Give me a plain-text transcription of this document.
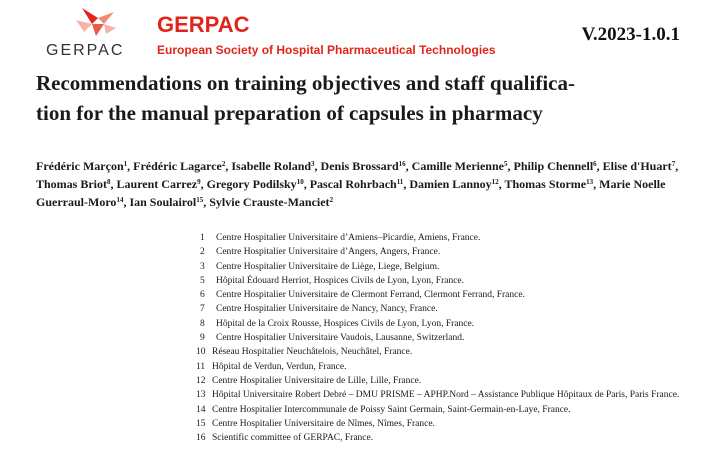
GERPAC
GERPAC
European Society of Hospital Pharmaceutical Technologies
V.2023-1.0.1
Recommendations on training objectives and staff qualifica-
tion for the manual preparation of capsules in pharmacy
Frédéric Marçon$^1$, Frédéric Lagarce$^2$, Isabelle Roland$^3$, Denis Brossard$^{16}$, Camille Merienne$^5$, Philip Chennell$^6$, Elise d'Huart$^7$, Thomas Briot$^8$, Laurent Carrez$^9$, Gregory Podilsky$^{10}$, Pascal Rohrbach$^{11}$, Damien Lannoy$^{12}$, Thomas Storme$^{13}$, Marie Noelle Guerraul-Moro$^{14}$, Ian Soulairol$^{15}$, Sylvie Crauste-Manciet$^2$
1	Centre Hospitalier Universitaire d’Amiens–Picardie, Amiens, France.
2	Centre Hospitalier Universitaire d’Angers, Angers, France.
3	Centre Hospitalier Universitaire de Liège, Liege, Belgium.
5	Hôpital Édouard Herriot, Hospices Civils de Lyon, Lyon, France.
6	Centre Hospitalier Universitaire de Clermont Ferrand, Clermont Ferrand, France.
7	Centre Hospitalier Universitaire de Nancy, Nancy, France.
8	Hôpital de la Croix Rousse, Hospices Civils de Lyon, Lyon, France.
9	Centre Hospitalier Universitaire Vaudois, Lausanne, Switzerland.
10 Réseau Hospitalier Neuchâtelois, Neuchâtel, France.
11 Hôpital de Verdun, Verdun, France.
12 Centre Hospitalier Universitaire de Lille, Lille, France.
13 Hôpital Universitaire Robert Debré – DMU PRISME – APHP.Nord – Assistance Publique Hôpitaux de Paris, Paris France.
14 Centre Hospitalier Intercommunale de Poissy Saint Germain, Saint-Germain-en-Laye, France.
15 Centre Hospitalier Universitaire de Nîmes, Nîmes, France.
16 Scientific committee of GERPAC, France.
